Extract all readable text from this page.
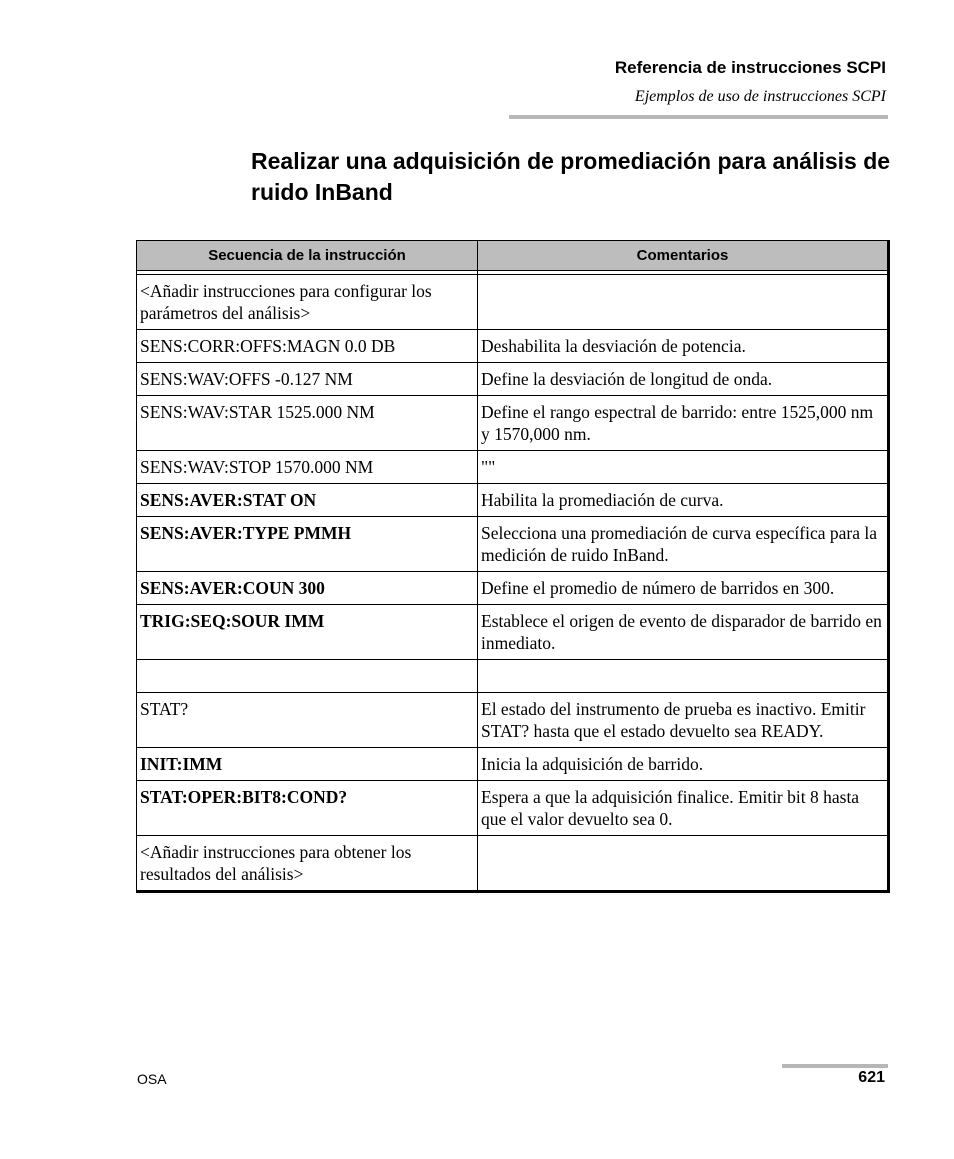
Referencia de instrucciones SCPI
Ejemplos de uso de instrucciones SCPI
Realizar una adquisición de promediación para análisis de ruido InBand
Secuencia de la instrucción	Comentarios

<Añadir instrucciones para configurar los parámetros del análisis>	
SENS:CORR:OFFS:MAGN 0.0 DB	Deshabilita la desviación de potencia.
SENS:WAV:OFFS -0.127 NM	Define la desviación de longitud de onda.
SENS:WAV:STAR 1525.000 NM	Define el rango espectral de barrido: entre 1525,000 nm y 1570,000 nm.
SENS:WAV:STOP 1570.000 NM	""
SENS:AVER:STAT ON	Habilita la promediación de curva.
SENS:AVER:TYPE PMMH	Selecciona una promediación de curva específica para la medición de ruido InBand.
SENS:AVER:COUN 300	Define el promedio de número de barridos en 300.
TRIG:SEQ:SOUR IMM	Establece el origen de evento de disparador de barrido en inmediato.

STAT?	El estado del instrumento de prueba es inactivo. Emitir STAT? hasta que el estado devuelto sea READY.
INIT:IMM	Inicia la adquisición de barrido.
STAT:OPER:BIT8:COND?	Espera a que la adquisición finalice. Emitir bit 8 hasta que el valor devuelto sea 0.
<Añadir instrucciones para obtener los resultados del análisis>	
OSA	621
